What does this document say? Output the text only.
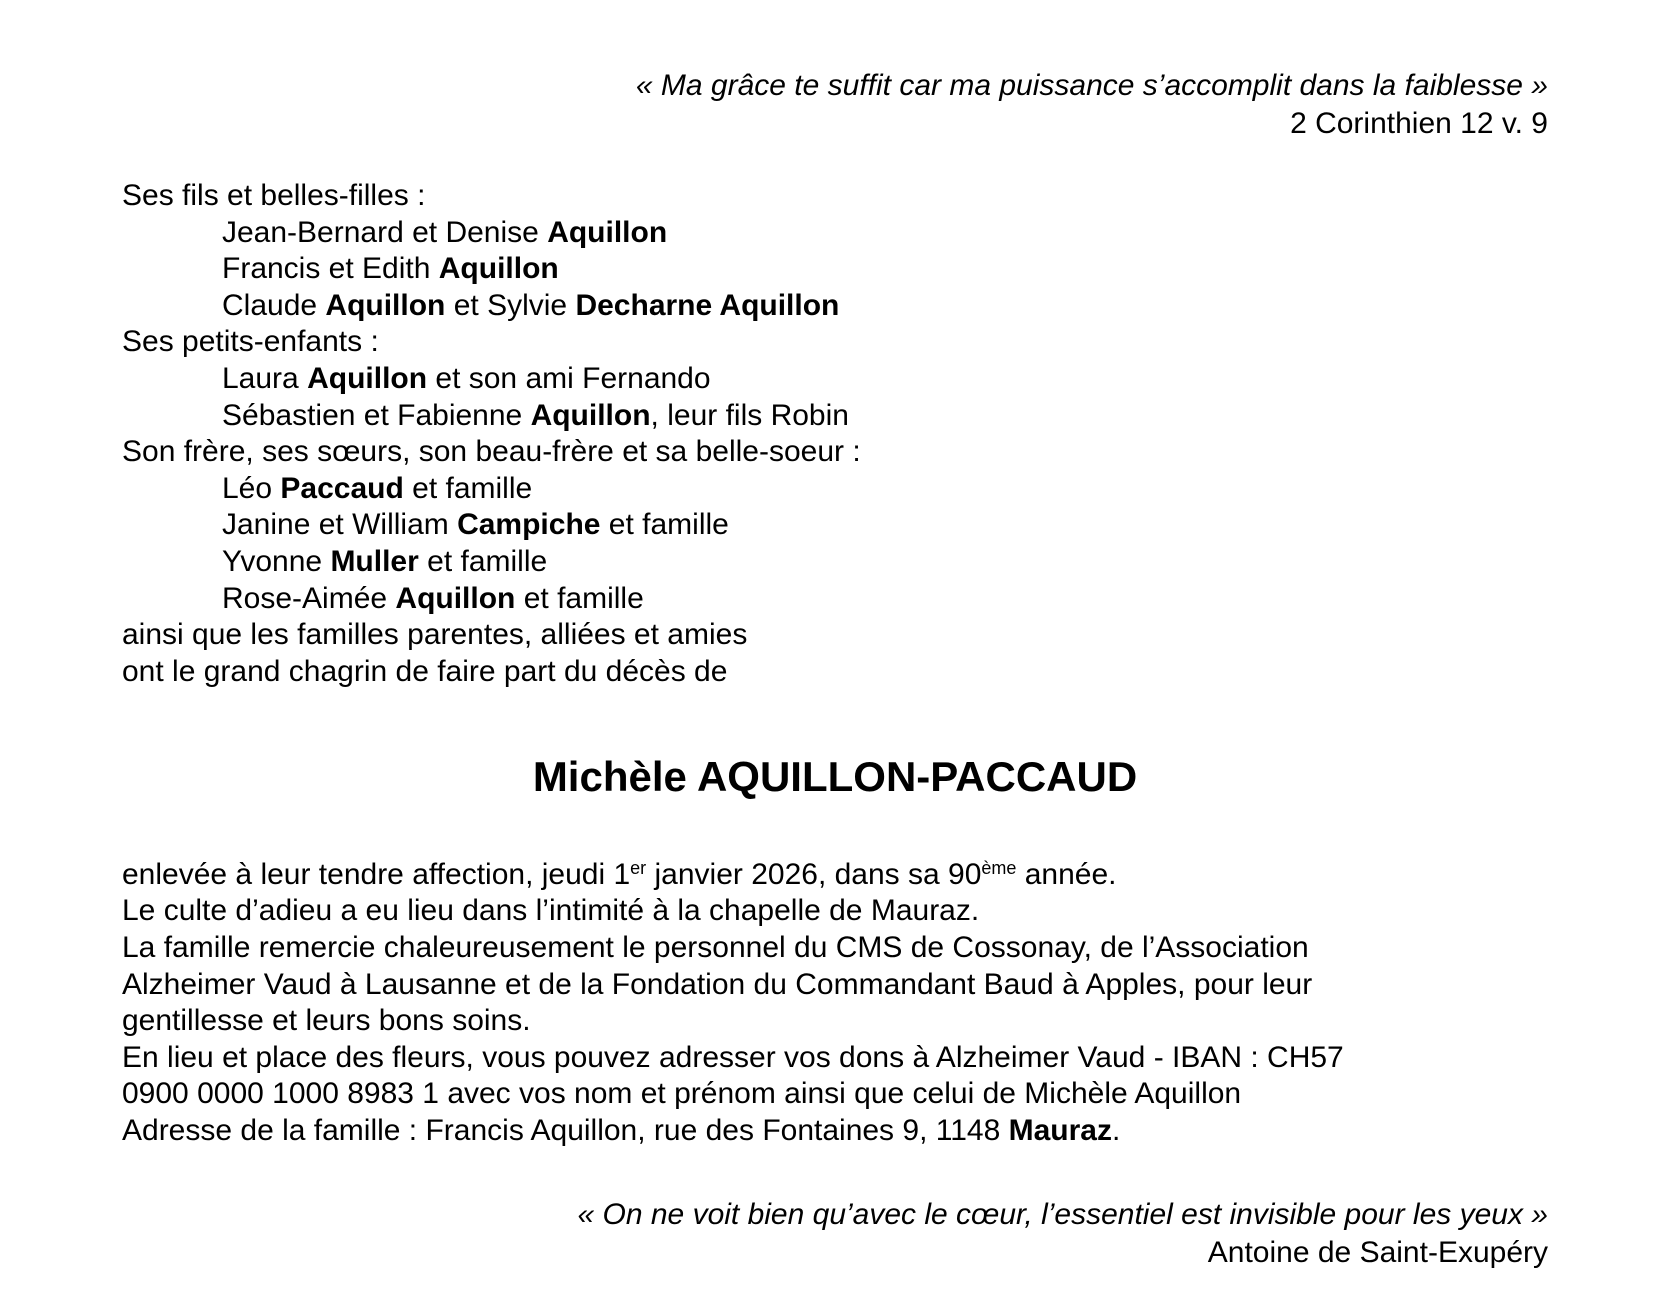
« Ma grâce te suffit car ma puissance s’accomplit dans la faiblesse »
2 Corinthien 12 v. 9
Ses fils et belles-filles :
Jean-Bernard et Denise Aquillon
Francis et Edith Aquillon
Claude Aquillon et Sylvie Decharne Aquillon
Ses petits-enfants :
Laura Aquillon et son ami Fernando
Sébastien et Fabienne Aquillon, leur fils Robin
Son frère, ses sœurs, son beau-frère et sa belle-soeur :
Léo Paccaud et famille
Janine et William Campiche et famille
Yvonne Muller et famille
Rose-Aimée Aquillon et famille
ainsi que les familles parentes, alliées et amies
ont le grand chagrin de faire part du décès de
Michèle AQUILLON-PACCAUD
enlevée à leur tendre affection, jeudi 1er janvier 2026, dans sa 90ème année.
Le culte d’adieu a eu lieu dans l’intimité à la chapelle de Mauraz.
La famille remercie chaleureusement le personnel du CMS de Cossonay, de l’Association
Alzheimer Vaud à Lausanne et de la Fondation du Commandant Baud à Apples, pour leur
gentillesse et leurs bons soins.
En lieu et place des fleurs, vous pouvez adresser vos dons à Alzheimer Vaud - IBAN : CH57
0900 0000 1000 8983 1 avec vos nom et prénom ainsi que celui de Michèle Aquillon
Adresse de la famille : Francis Aquillon, rue des Fontaines 9, 1148 Mauraz.
« On ne voit bien qu’avec le cœur, l’essentiel est invisible pour les yeux »
Antoine de Saint-Exupéry
